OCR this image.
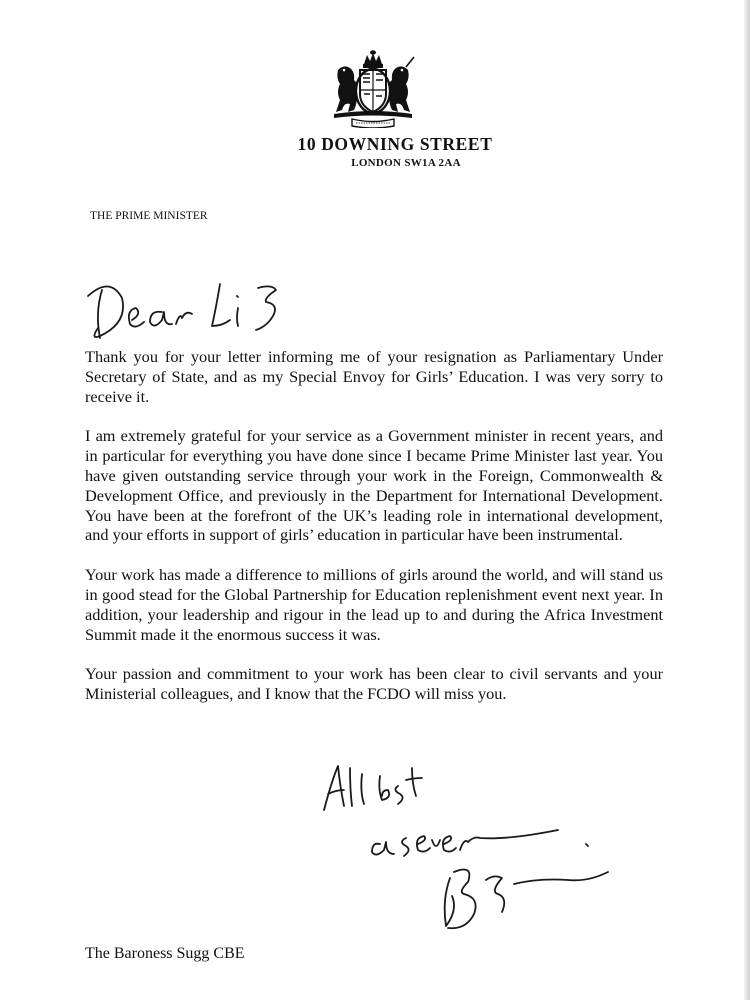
10 DOWNING STREET
LONDON SW1A 2AA
THE PRIME MINISTER

Thank you for your letter informing me of your resignation as Parliamentary Under Secretary of State, and as my Special Envoy for Girls’ Education. I was very sorry to receive it.

I am extremely grateful for your service as a Government minister in recent years, and in particular for everything you have done since I became Prime Minister last year. You have given outstanding service through your work in the Foreign, Commonwealth & Development Office, and previously in the Department for International Development. You have been at the forefront of the UK’s leading role in international development, and your efforts in support of girls’ education in particular have been instrumental.

Your work has made a difference to millions of girls around the world, and will stand us in good stead for the Global Partnership for Education replenishment event next year. In addition, your leadership and rigour in the lead up to and during the Africa Investment Summit made it the enormous success it was.

Your passion and commitment to your work has been clear to civil servants and your Ministerial colleagues, and I know that the FCDO will miss you.

The Baroness Sugg CBE
